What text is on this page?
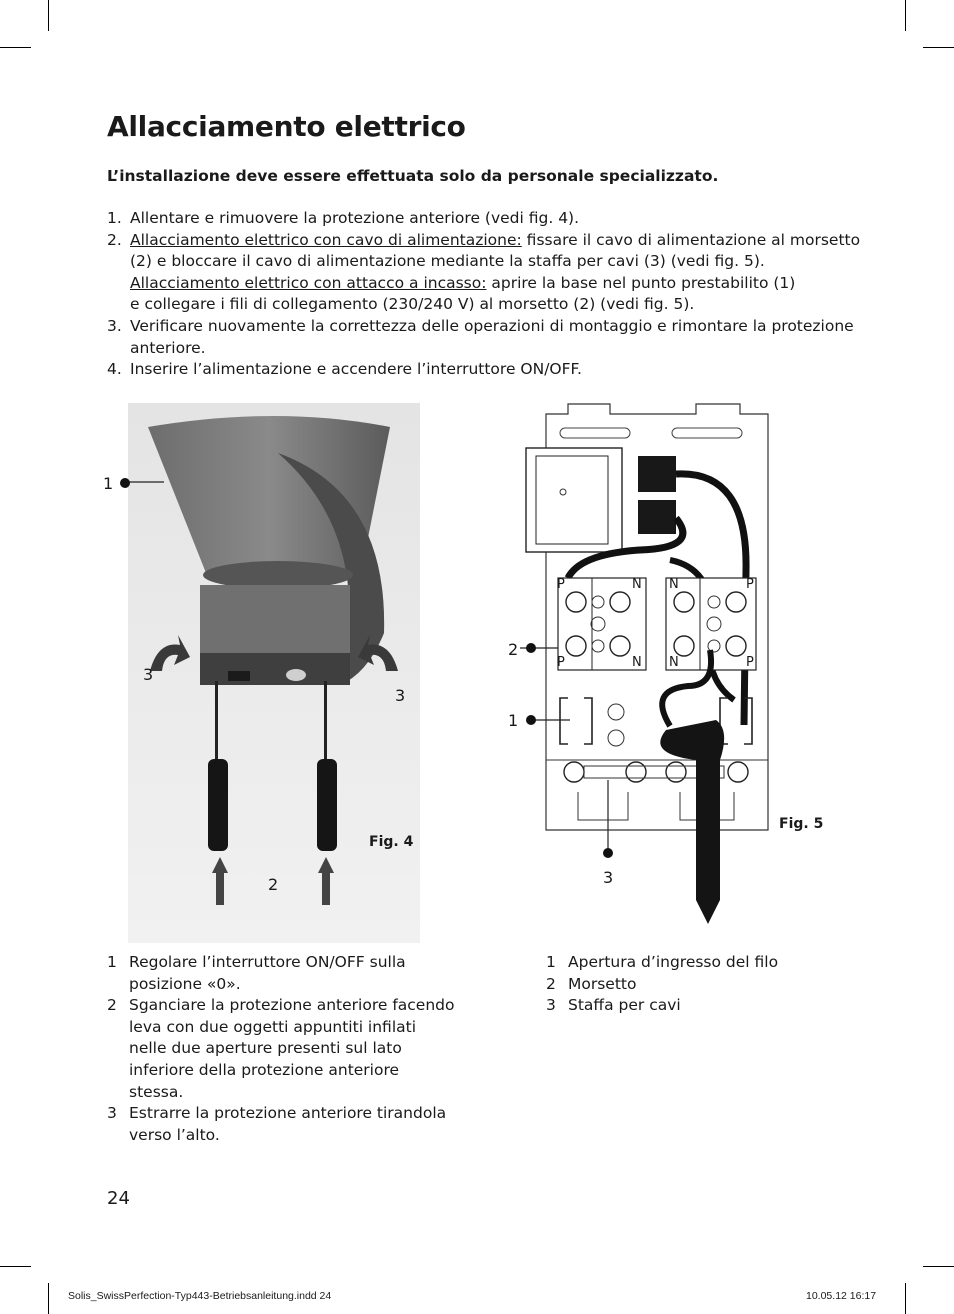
Allacciamento elettrico

L’installazione deve essere effettuata solo da personale specializzato.

1. Allentare e rimuovere la protezione anteriore (vedi fig. 4).
2. Allacciamento elettrico con cavo di alimentazione: fissare il cavo di alimentazione al morsetto (2) e bloccare il cavo di alimentazione mediante la staffa per cavi (3) (vedi fig. 5).
Allacciamento elettrico con attacco a incasso: aprire la base nel punto prestabilito (1)
e collegare i fili di collegamento (230/240 V) al morsetto (2) (vedi fig. 5).
3. Verificare nuovamente la correttezza delle operazioni di montaggio e rimontare la protezione anteriore.
4. Inserire l’alimentazione e accendere l’interruttore ON/OFF.
1
3
3
2
Fig. 4
P	N N	P
P	N N	P
2
1
3
Fig. 5
1 Regolare l’interruttore ON/OFF sulla posizione «0».
2 Sganciare la protezione anteriore facendo leva con due oggetti appuntiti infilati nelle due aperture presenti sul lato inferiore della protezione anteriore stessa.
3 Estrarre la protezione anteriore tirandola verso l’alto.
1 Apertura d’ingresso del filo
2 Morsetto
3 Staffa per cavi
24
Solis_SwissPerfection-Typ443-Betriebsanleitung.indd 24	10.05.12 16:17
